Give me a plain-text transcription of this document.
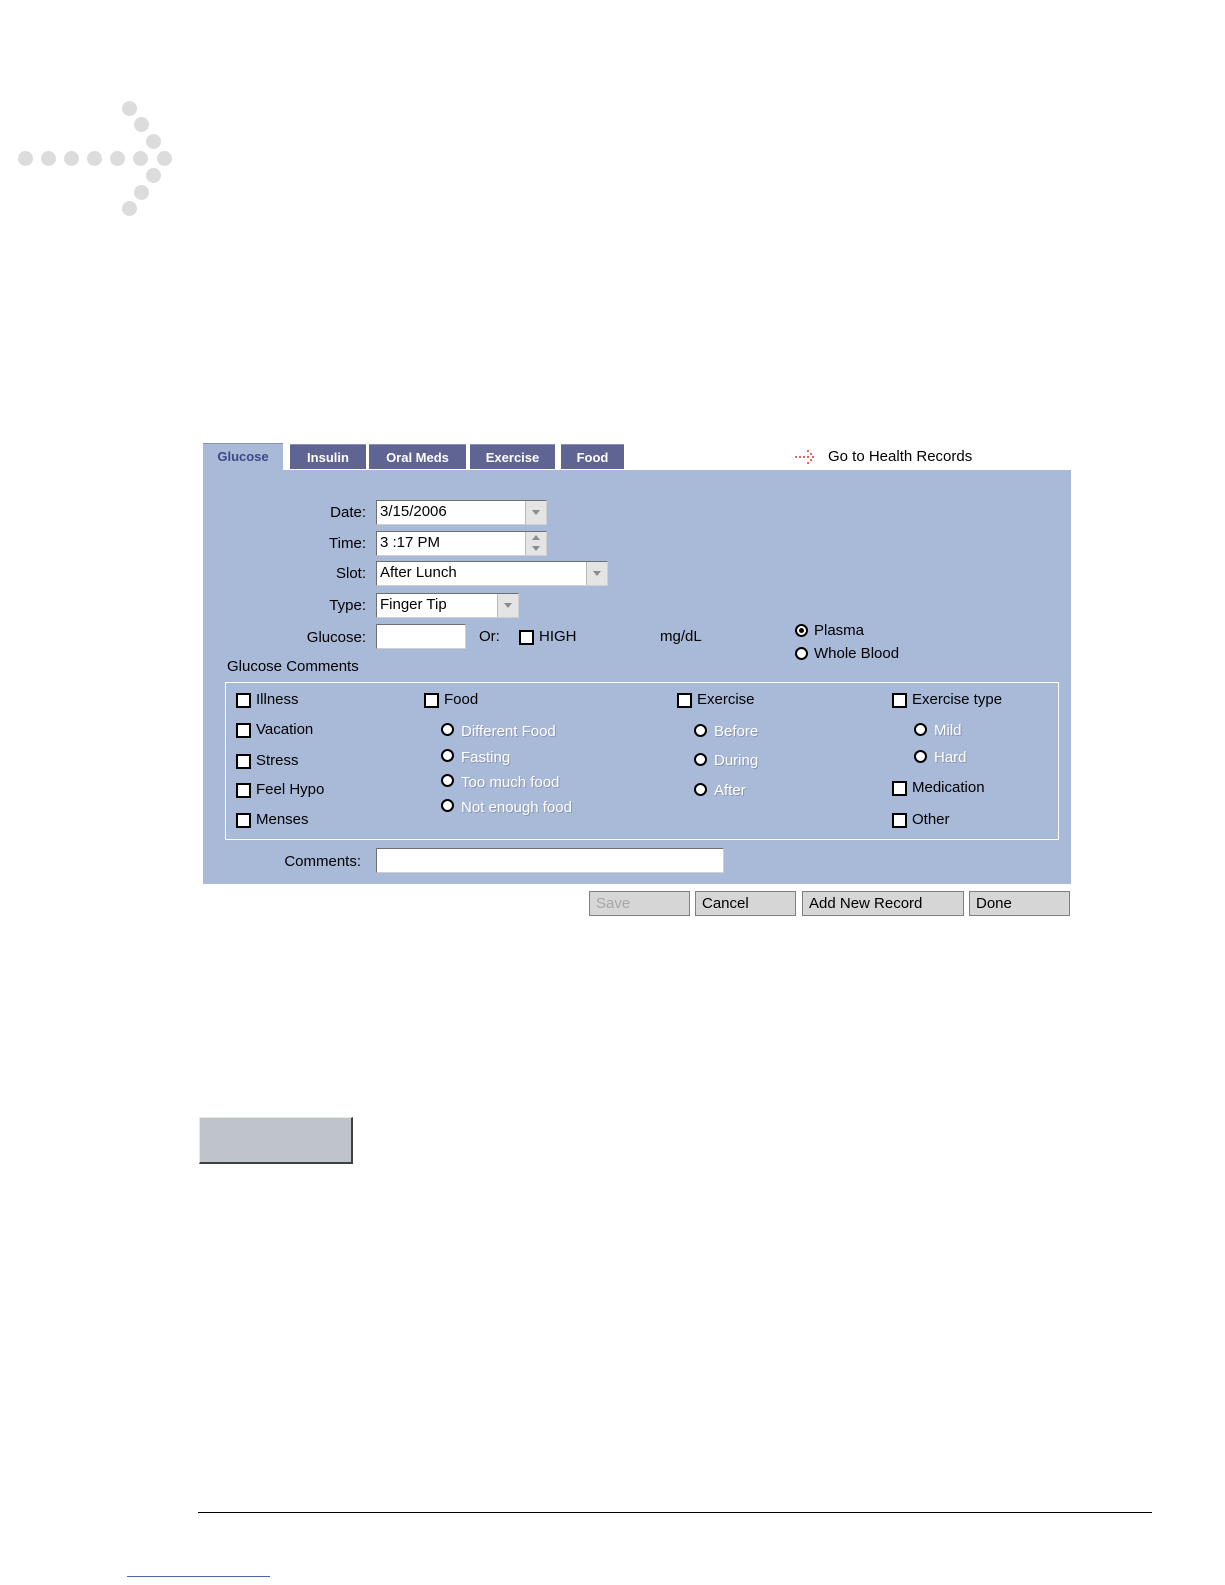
Glucose	Insulin	Oral Meds	Exercise	Food	Go to Health Records
Date: 3/15/2006
Time: 3 :17 PM
Slot: After Lunch
Type: Finger Tip
Glucose:	Or:	HIGH	mg/dL	Plasma
Whole Blood
Glucose Comments
Illness
Vacation
Stress
Feel Hypo
Menses
Food
Different Food
Fasting
Too much food
Not enough food
Exercise
Before
During
After
Exercise type
Mild
Hard
Medication
Other
Comments:
Save	Cancel	Add New Record	Done
